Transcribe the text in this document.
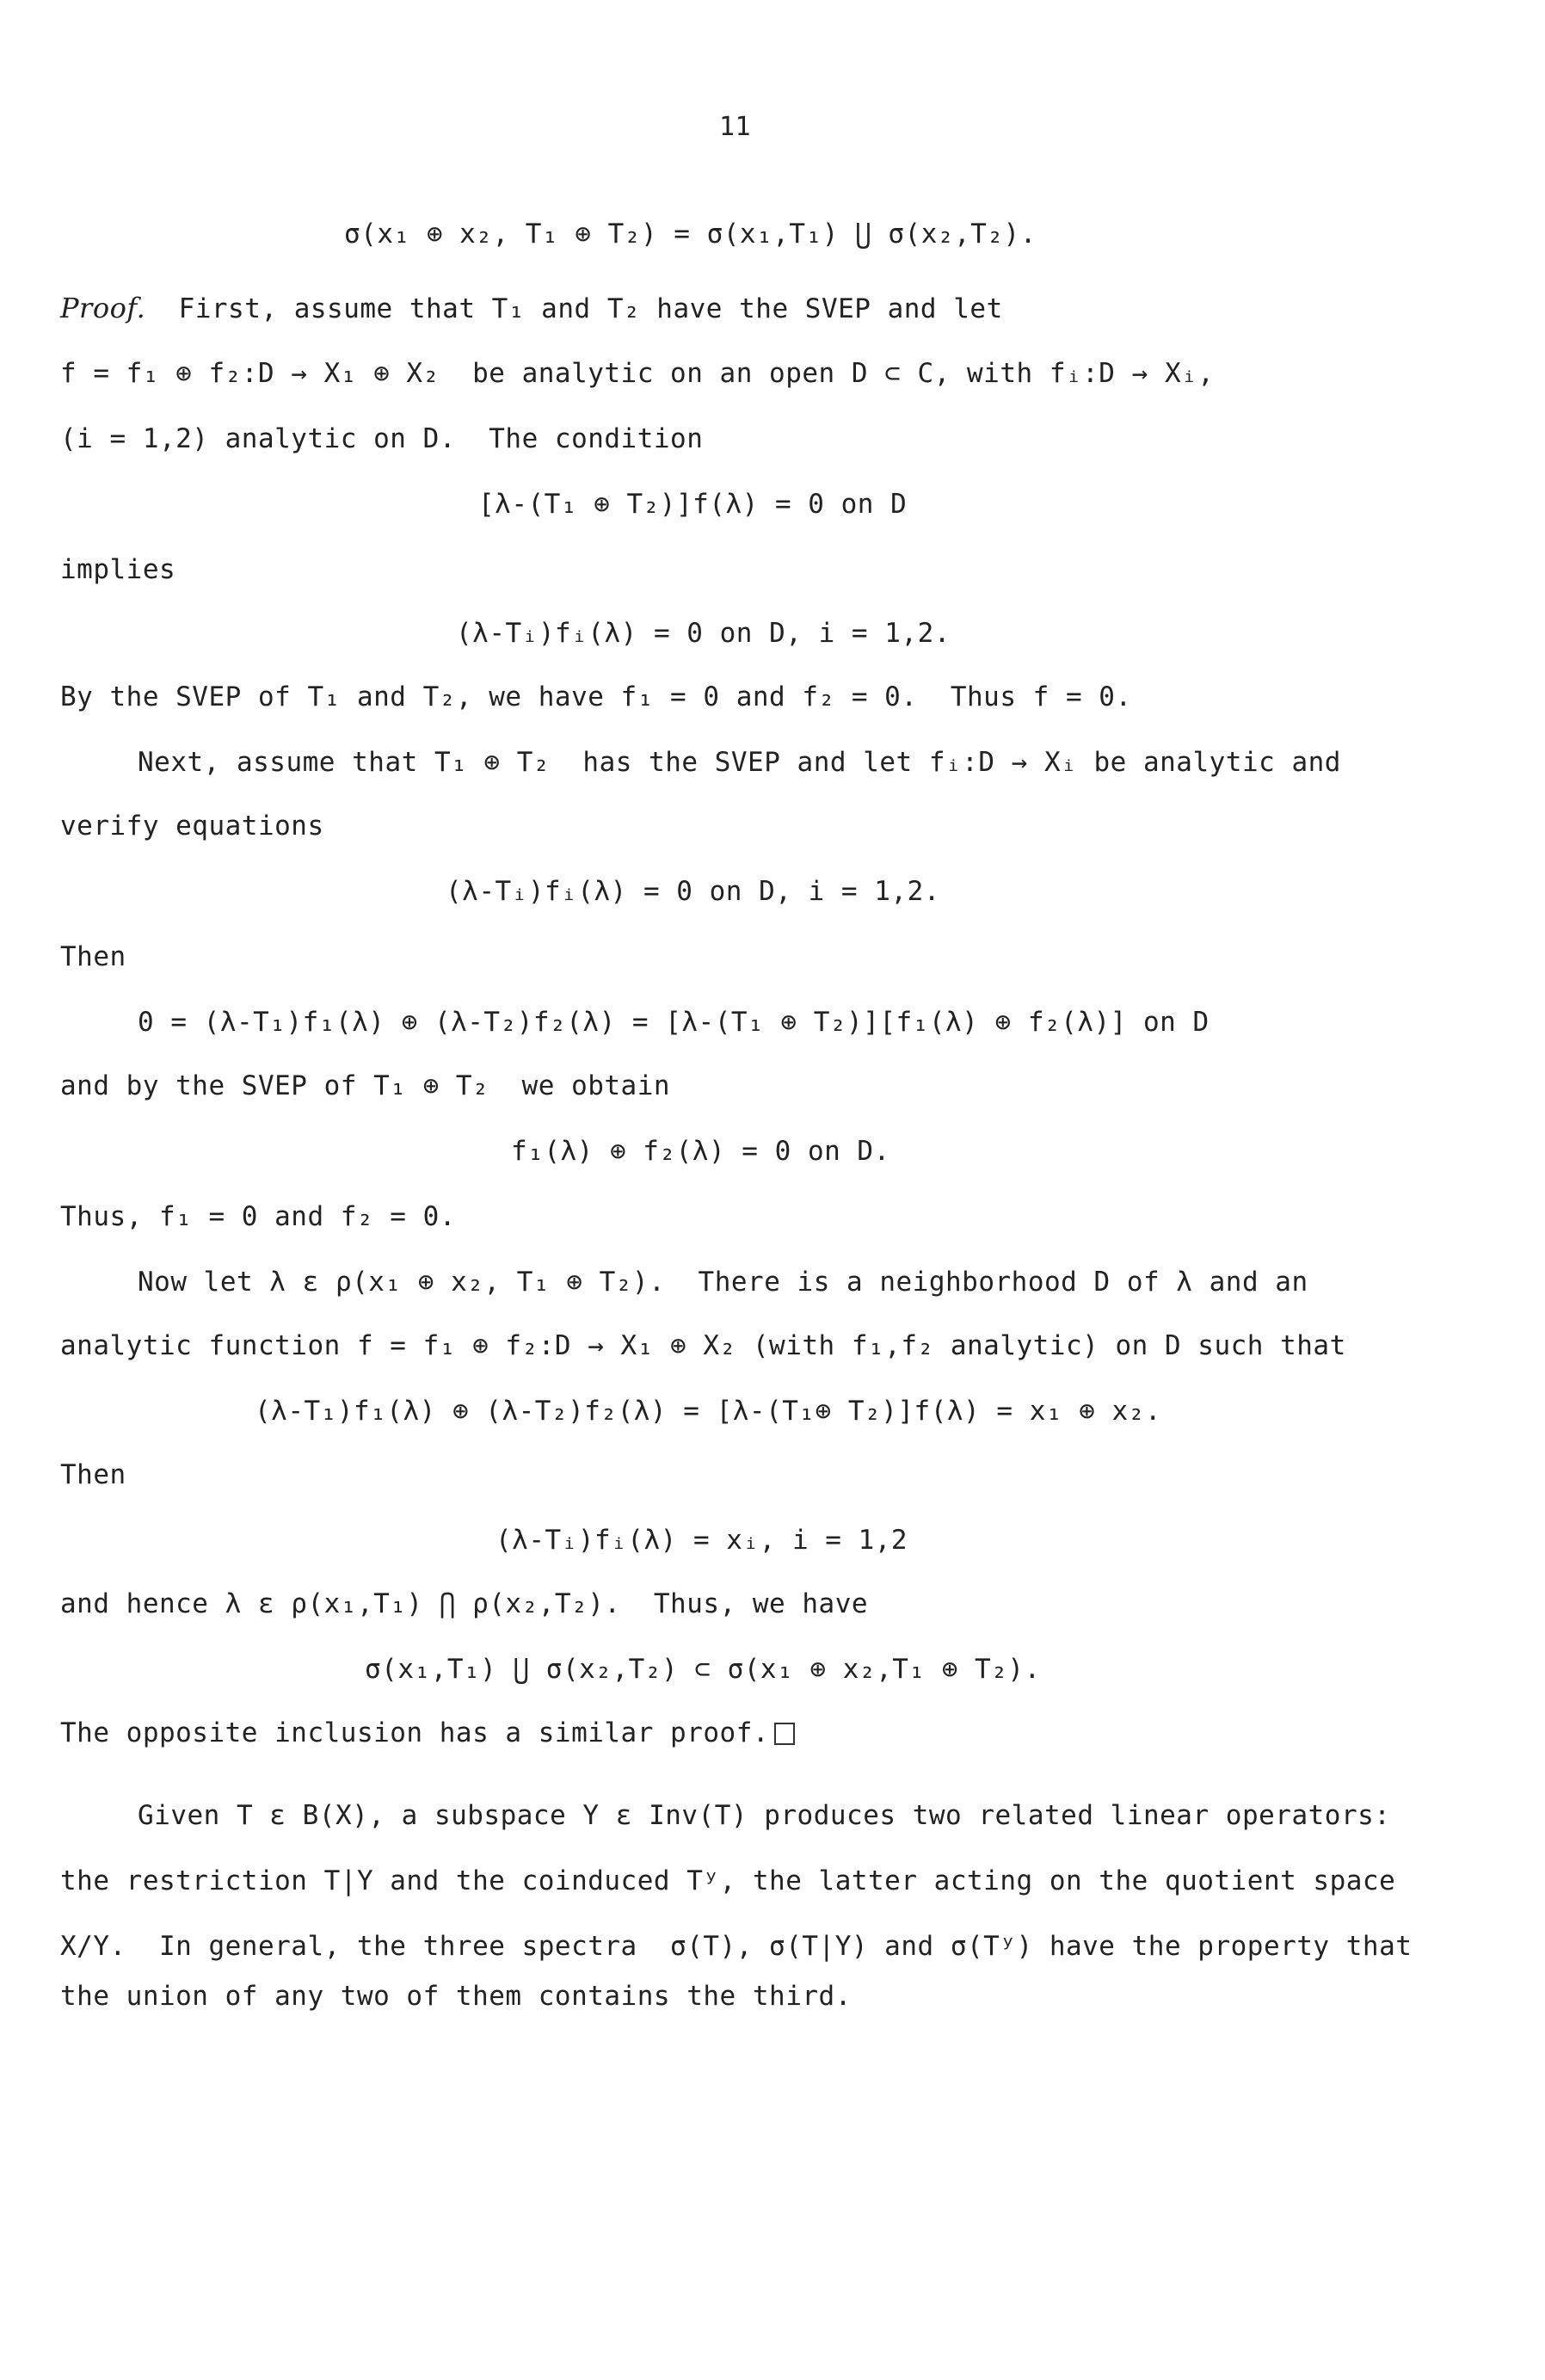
11
σ(x₁ ⊕ x₂, T₁ ⊕ T₂) = σ(x₁,T₁) ⋃ σ(x₂,T₂).
Proof. First, assume that T₁ and T₂ have the SVEP and let
f = f₁ ⊕ f₂:D → X₁ ⊕ X₂  be analytic on an open D ⊂ C, with fᵢ:D → Xᵢ,
(i = 1,2) analytic on D.  The condition
[λ-(T₁ ⊕ T₂)]f(λ) = 0 on D
implies
(λ-Tᵢ)fᵢ(λ) = 0 on D, i = 1,2.
By the SVEP of T₁ and T₂, we have f₁ = 0 and f₂ = 0.  Thus f = 0.
Next, assume that T₁ ⊕ T₂  has the SVEP and let fᵢ:D → Xᵢ be analytic and
verify equations
(λ-Tᵢ)fᵢ(λ) = 0 on D, i = 1,2.
Then
0 = (λ-T₁)f₁(λ) ⊕ (λ-T₂)f₂(λ) = [λ-(T₁ ⊕ T₂)][f₁(λ) ⊕ f₂(λ)] on D
and by the SVEP of T₁ ⊕ T₂  we obtain
f₁(λ) ⊕ f₂(λ) = 0 on D.
Thus, f₁ = 0 and f₂ = 0.
Now let λ ε ρ(x₁ ⊕ x₂, T₁ ⊕ T₂).  There is a neighborhood D of λ and an
analytic function f = f₁ ⊕ f₂:D → X₁ ⊕ X₂ (with f₁,f₂ analytic) on D such that
(λ-T₁)f₁(λ) ⊕ (λ-T₂)f₂(λ) = [λ-(T₁⊕ T₂)]f(λ) = x₁ ⊕ x₂.
Then
(λ-Tᵢ)fᵢ(λ) = xᵢ, i = 1,2
and hence λ ε ρ(x₁,T₁) ⋂ ρ(x₂,T₂).  Thus, we have
σ(x₁,T₁) ⋃ σ(x₂,T₂) ⊂ σ(x₁ ⊕ x₂,T₁ ⊕ T₂).
The opposite inclusion has a similar proof.
Given T ε B(X), a subspace Y ε Inv(T) produces two related linear operators:
the restriction T|Y and the coinduced Tʸ, the latter acting on the quotient space
X/Y.  In general, the three spectra  σ(T), σ(T|Y) and σ(Tʸ) have the property that
the union of any two of them contains the third.
